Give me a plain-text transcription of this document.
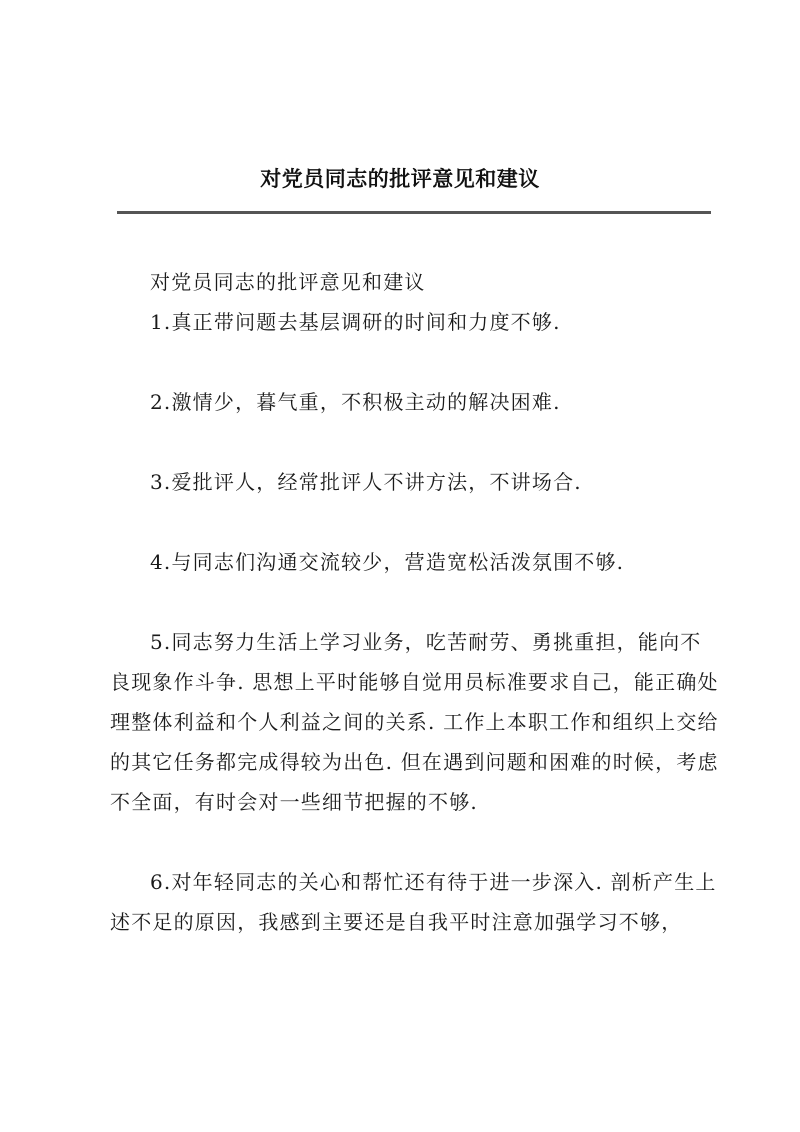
对党员同志的批评意见和建议

对党员同志的批评意见和建议

1.真正带问题去基层调研的时间和力度不够.

2.激情少，暮气重，不积极主动的解决困难.

3.爱批评人，经常批评人不讲方法，不讲场合.

4.与同志们沟通交流较少，营造宽松活泼氛围不够.

5.同志努力生活上学习业务，吃苦耐劳、勇挑重担，能向不良现象作斗争. 思想上平时能够自觉用员标准要求自己，能正确处理整体利益和个人利益之间的关系. 工作上本职工作和组织上交给的其它任务都完成得较为出色. 但在遇到问题和困难的时候，考虑不全面，有时会对一些细节把握的不够.

6.对年轻同志的关心和帮忙还有待于进一步深入. 剖析产生上述不足的原因，我感到主要还是自我平时注意加强学习不够，
